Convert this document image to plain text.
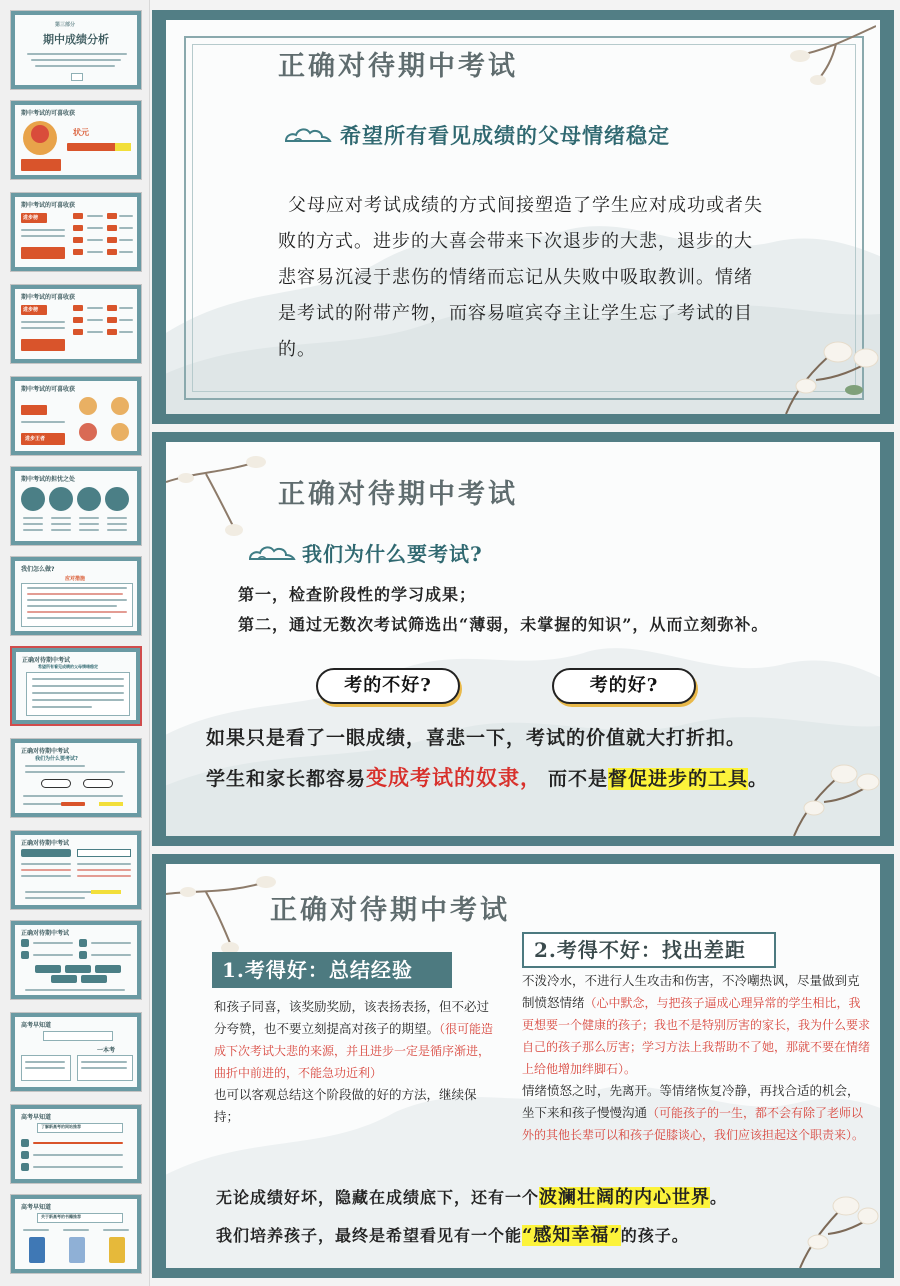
第三部分
期中成绩分析
期中考试的可喜收获
状元
期中考试的可喜收获
进步榜
期中考试的可喜收获
进步榜
期中考试的可喜收获
进步王者
期中考试的担忧之处
我们怎么做?
应对措施
正确对待期中考试
希望所有看见成绩的父母情绪稳定
正确对待期中考试
我们为什么要考试?
正确对待期中考试
正确对待期中考试
高考早知道
一本考
高考早知道
了解新高考的网站推荐
高考早知道
关于新高考的书籍推荐
正确对待期中考试
希望所有看见成绩的父母情绪稳定
父母应对考试成绩的方式间接塑造了学生应对成功或者失败的方式。进步的大喜会带来下次退步的大悲，退步的大悲容易沉浸于悲伤的情绪而忘记从失败中吸取教训。情绪是考试的附带产物，而容易喧宾夺主让学生忘了考试的目的。
正确对待期中考试
我们为什么要考试?
第一，检查阶段性的学习成果；
第二，通过无数次考试筛选出“薄弱，未掌握的知识”，从而立刻弥补。
考的不好?	考的好?
如果只是看了一眼成绩，喜悲一下，考试的价值就大打折扣。
学生和家长都容易变成考试的奴隶， 而不是督促进步的工具。
正确对待期中考试
1.考得好：总结经验
2.考得不好：找出差距
和孩子同喜，该奖励奖励，该表扬表扬，但不必过分夸赞，也不要立刻提高对孩子的期望。（很可能造成下次考试大悲的来源，并且进步一定是循序渐进，曲折中前进的，不能急功近利）
也可以客观总结这个阶段做的好的方法，继续保持；
不泼冷水，不进行人生攻击和伤害，不冷嘲热讽，尽量做到克制愤怒情绪（心中默念，与把孩子逼成心理异常的学生相比，我更想要一个健康的孩子；我也不是特别厉害的家长，我为什么要求自己的孩子那么厉害；学习方法上我帮助不了她，那就不要在情绪上给他增加绊脚石）。
情绪愤怒之时，先离开。等情绪恢复冷静，再找合适的机会，坐下来和孩子慢慢沟通（可能孩子的一生，都不会有除了老师以外的其他长辈可以和孩子促膝谈心，我们应该担起这个职责来）。
无论成绩好坏，隐藏在成绩底下，还有一个波澜壮阔的内心世界。
我们培养孩子，最终是希望看见有一个能“感知幸福”的孩子。
